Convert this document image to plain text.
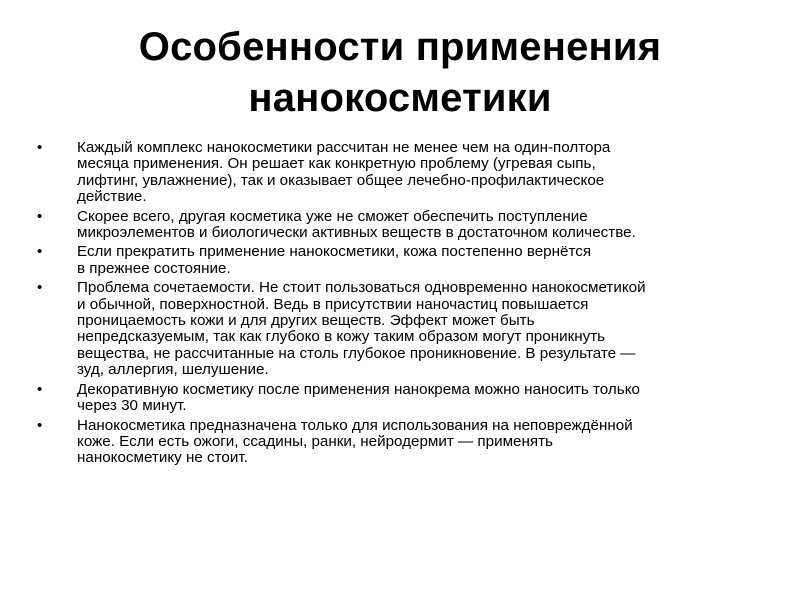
Особенности применения
нанокосметики
•	Каждый комплекс нанокосметики рассчитан не менее чем на один-полтора
месяца применения. Он решает как конкретную проблему (угревая сыпь,
лифтинг, увлажнение), так и оказывает общее лечебно-профилактическое
действие.
•	Скорее всего, другая косметика уже не сможет обеспечить поступление
микроэлементов и биологически активных веществ в достаточном количестве.
•	Если прекратить применение нанокосметики, кожа постепенно вернётся
в прежнее состояние.
•	Проблема сочетаемости. Не стоит пользоваться одновременно нанокосметикой
и обычной, поверхностной. Ведь в присутствии наночастиц повышается
проницаемость кожи и для других веществ. Эффект может быть
непредсказуемым, так как глубоко в кожу таким образом могут проникнуть
вещества, не рассчитанные на столь глубокое проникновение. В результате —
зуд, аллергия, шелушение.
•	Декоративную косметику после применения нанокрема можно наносить только
через 30 минут.
•	Нанокосметика предназначена только для использования на неповреждённой
коже. Если есть ожоги, ссадины, ранки, нейродермит — применять
нанокосметику не стоит.
